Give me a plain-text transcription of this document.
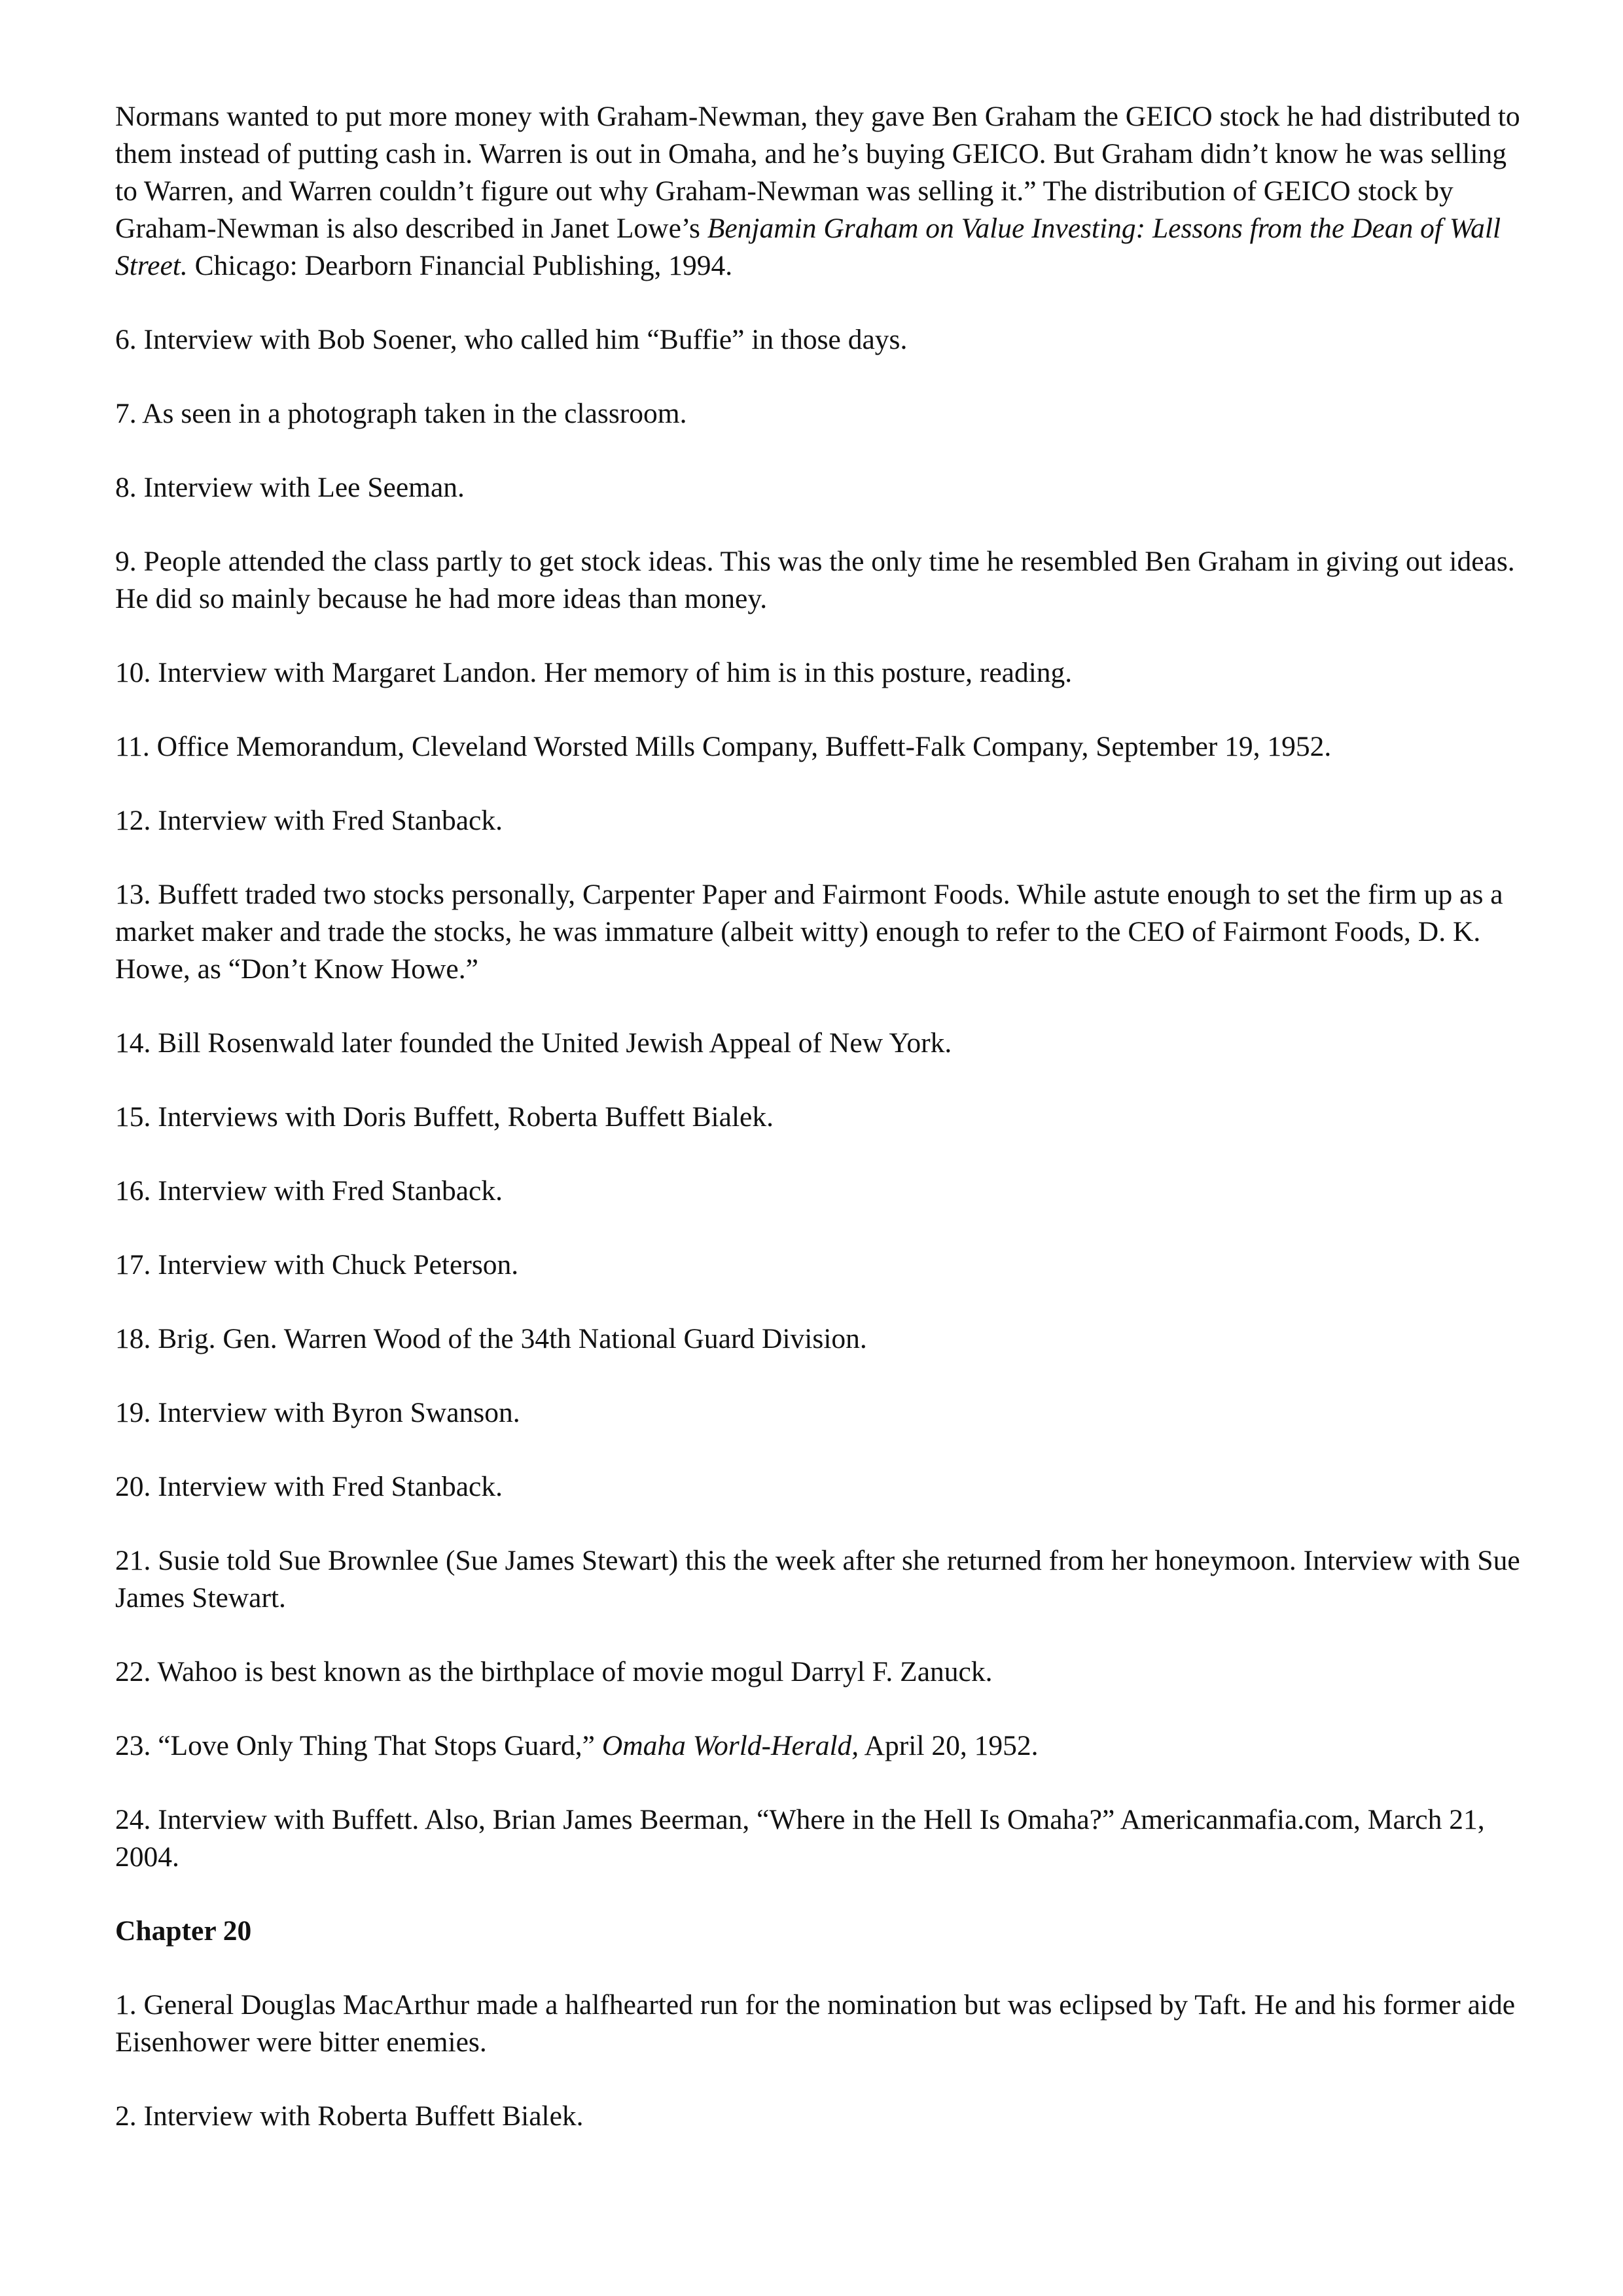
Normans wanted to put more money with Graham-Newman, they gave Ben Graham the GEICO stock he had distributed to them instead of putting cash in. Warren is out in Omaha, and he’s buying GEICO. But Graham didn’t know he was selling to Warren, and Warren couldn’t figure out why Graham-Newman was selling it.” The distribution of GEICO stock by Graham-Newman is also described in Janet Lowe’s Benjamin Graham on Value Investing: Lessons from the Dean of Wall Street. Chicago: Dearborn Financial Publishing, 1994.

6. Interview with Bob Soener, who called him “Buffie” in those days.

7. As seen in a photograph taken in the classroom.

8. Interview with Lee Seeman.

9. People attended the class partly to get stock ideas. This was the only time he resembled Ben Graham in giving out ideas. He did so mainly because he had more ideas than money.

10. Interview with Margaret Landon. Her memory of him is in this posture, reading.

11. Office Memorandum, Cleveland Worsted Mills Company, Buffett-Falk Company, September 19, 1952.

12. Interview with Fred Stanback.

13. Buffett traded two stocks personally, Carpenter Paper and Fairmont Foods. While astute enough to set the firm up as a market maker and trade the stocks, he was immature (albeit witty) enough to refer to the CEO of Fairmont Foods, D. K. Howe, as “Don’t Know Howe.”

14. Bill Rosenwald later founded the United Jewish Appeal of New York.

15. Interviews with Doris Buffett, Roberta Buffett Bialek.

16. Interview with Fred Stanback.

17. Interview with Chuck Peterson.

18. Brig. Gen. Warren Wood of the 34th National Guard Division.

19. Interview with Byron Swanson.

20. Interview with Fred Stanback.

21. Susie told Sue Brownlee (Sue James Stewart) this the week after she returned from her honeymoon. Interview with Sue James Stewart.

22. Wahoo is best known as the birthplace of movie mogul Darryl F. Zanuck.

23. “Love Only Thing That Stops Guard,” Omaha World-Herald, April 20, 1952.

24. Interview with Buffett. Also, Brian James Beerman, “Where in the Hell Is Omaha?” Americanmafia.com, March 21, 2004.

Chapter 20

1. General Douglas MacArthur made a halfhearted run for the nomination but was eclipsed by Taft. He and his former aide Eisenhower were bitter enemies.

2. Interview with Roberta Buffett Bialek.
